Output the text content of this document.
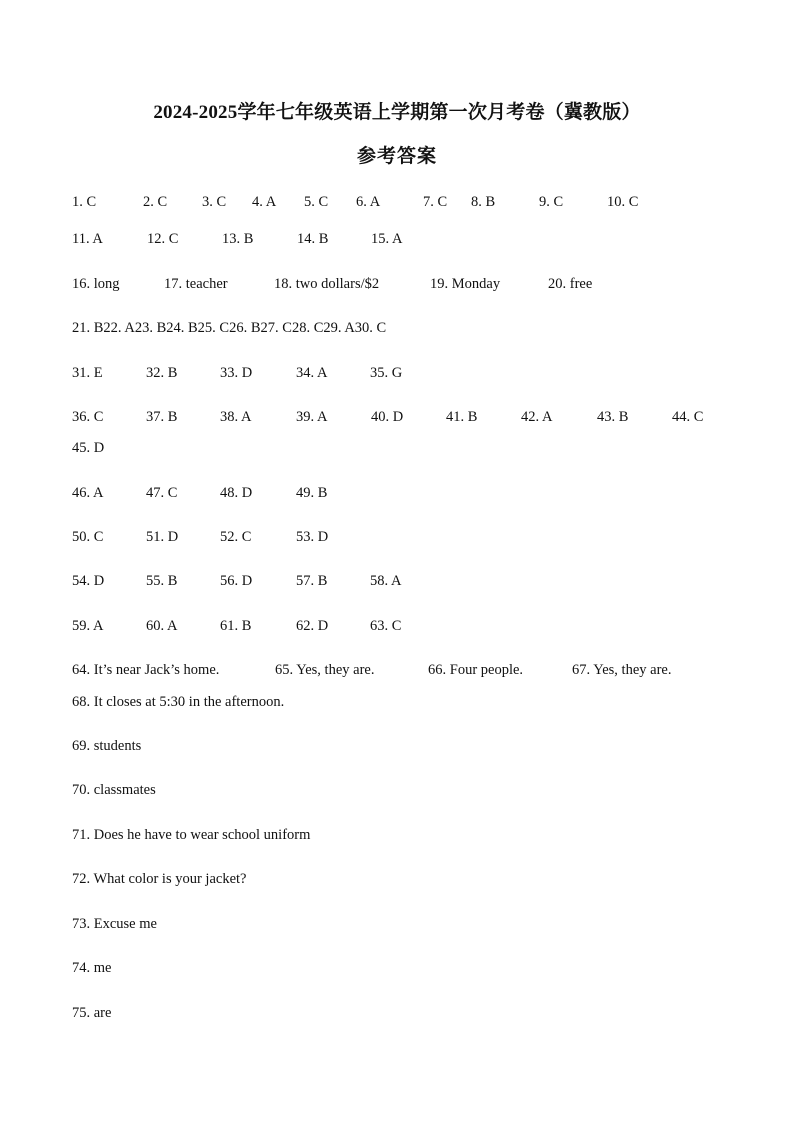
2024-2025学年七年级英语上学期第一次月考卷（冀教版）
参考答案
1. C	2. C 3. C 4. A 5. C 6. A	7. C 8. B	9. C	10. C
11. A	12. C	13. B	14. B	15. A
16. long	17. teacher	18. two dollars/$2	19. Monday	20. free
21. B22. A23. B24. B25. C26. B27. C28. C29. A30. C
31. E	32. B	33. D	34. A	35. G
36. C	37. B	38. A	39. A	40. D	41. B	42. A	43. B	44. C
45. D
46. A	47. C	48. D	49. B
50. C	51. D	52. C	53. D
54. D	55. B	56. D	57. B	58. A
59. A	60. A	61. B	62. D	63. C
64. It’s near Jack’s home.	65. Yes, they are.	66. Four people.	67. Yes, they are.
68. It closes at 5:30 in the afternoon.
69. students
70. classmates
71. Does he have to wear school uniform
72. What color is your jacket?
73. Excuse me
74. me
75. are
